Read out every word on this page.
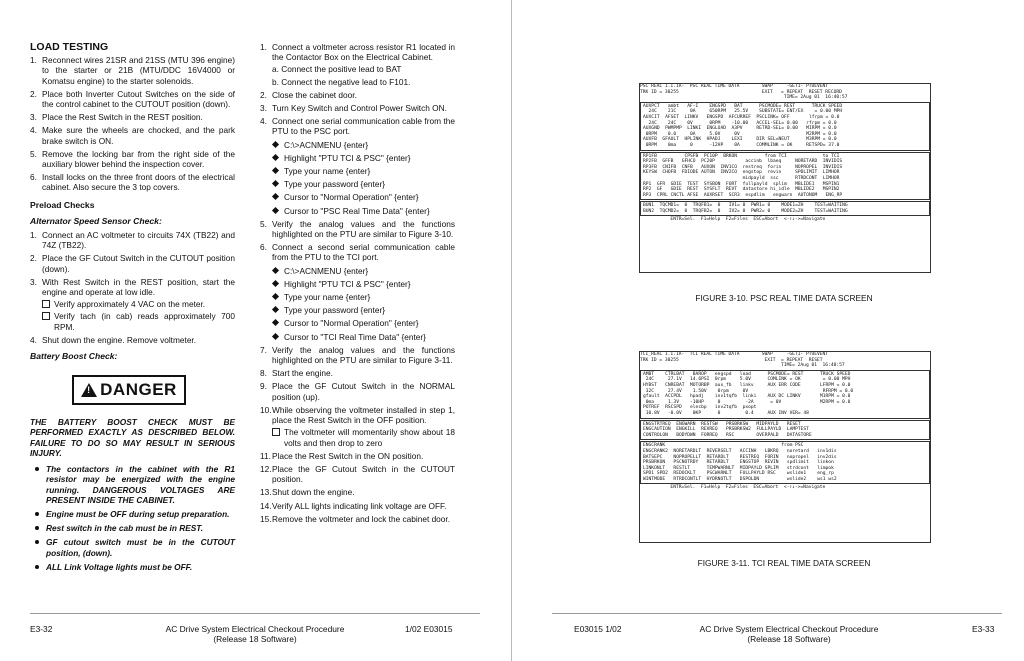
LOAD TESTING
1. Reconnect wires 21SR and 21SS (MTU 396 engine) to the starter or 21B (MTU/DDC 16V4000 or Komatsu engine) to the starter solenoids.
2. Place both Inverter Cutout Switches on the side of the control cabinet to the CUTOUT position (down).
3. Place the Rest Switch in the REST position.
4. Make sure the wheels are chocked, and the park brake switch is ON.
5. Remove the locking bar from the right side of the auxiliary blower behind the inspection cover.
6. Install locks on the three front doors of the electrical cabinet. Also secure the 3 top covers.
Preload Checks
Alternator Speed Sensor Check:
1. Connect an AC voltmeter to circuits 74X (TB22) and 74Z (TB22).
2. Place the GF Cutout Switch in the CUTOUT position (down).
3. With Rest Switch in the REST position, start the engine and operate at low idle.
Verify approximately 4 VAC on the meter.
Verify tach (in cab) reads approximately 700 RPM.
4. Shut down the engine. Remove voltmeter.
Battery Boost Check:
!
DANGER

THE BATTERY BOOST CHECK MUST BE PERFORMED EXACTLY AS DESCRIBED BELOW. FAILURE TO DO SO MAY RESULT IN SERIOUS INJURY.

The contactors in the cabinet with the R1 resistor may be energized with the engine running. DANGEROUS VOLTAGES ARE PRESENT INSIDE THE CABINET.
Engine must be OFF during setup preparation.
Rest switch in the cab must be in REST.
GF cutout switch must be in the CUTOUT position, (down).
ALL Link Voltage lights must be OFF.
1. Connect a voltmeter across resistor R1 located in the Contactor Box on the Electrical Cabinet.
a. Connect the positive lead to BAT
b. Connect the negative lead to F101.
2. Close the cabinet door.
3. Turn Key Switch and Control Power Switch ON.
4. Connect one serial communication cable from the PTU to the PSC port.
C:\>ACNMENU {enter}
Highlight "PTU TCI & PSC" {enter}
Type your name {enter}
Type your password {enter}
Cursor to "Normal Operation" {enter}
Cursor to "PSC Real Time Data" {enter}
5. Verify the analog values and the functions highlighted on the PTU are similar to Figure 3-10.
6. Connect a second serial communication cable from the PTU to the TCI port.
C:\>ACNMENU {enter}
Highlight "PTU TCI & PSC" {enter}
Type your name {enter}
Type your password {enter}
Cursor to "Normal Operation" {enter}
Cursor to "TCI Real Time Data" {enter}
7. Verify the analog values and the functions highlighted on the PTU are similar to Figure 3-11.
8. Start the engine.
9. Place the GF Cutout Switch in the NORMAL position (up).
10. While observing the voltmeter installed in step 1, place the Rest Switch in the OFF position.
The voltmeter will momentarily show about 18 volts and then drop to zero
11. Place the Rest Switch in the ON position.
12. Place the GF Cutout Switch in the CUTOUT position.
13. Shut down the engine.
14. Verify ALL lights indicating link voltage are OFF.
15. Remove the voltmeter and lock the cabinet door.
E3-32	AC Drive System Electrical Checkout Procedure
(Release 18 Software)
1/02 E03015
PSC REAL 1.1.1A-  PSC REAL TIME DATA        SWAP     -GET1- PTUEVENT
TRK ID = 30255                              EXIT   = REPEAT  RESET RECORD
TIME= 2Aug 01  16:40:57
AUXPCT   ambt   AF-I    ENGSPD   BAT      PSCMODE= REST      TRUCK SPEED
24C    21C     0A     650RPM   25.5V    SUBSTATE= ENT/EX    = 0.00 MPH
AUXCIT  AFSET  LINKV   ENGSPD  AFCURREF  PSCLINK= OFF       lfrpm = 0.0
24C    24C    0V      0RPM    -10.00   ACCEL-SEL= 0.00   rfrpm = 0.0
AUXGND  PWMPMP  LINKI  ENGLOAD  A3PV     RETRD-SEL= 0.00   MIRPM = 0.0
0RPM    0.0     0A     5.0V     0V                        M2RPM = 0.0
AUXFB  GFAULT  HPLINK  HPADJ    LEXI     DIR SEL=NEUT      M3RPM = 0.0
0RPM    0ma     0      -12HP    0A      COMMLINK = OK     RETSPD= 37.0
RP1FB          CPSFB  PC10P  BRKON          from TCI             to TCI
RP2FB  GFFB   GFHCO  PC20P           accinb  lbaeq     NORETARD  INVIDIS
RP3FB  CNIFB  CNFB   AUXON  INV1CO  restreq  forin     NOPROPEL  INVIDIS
KEYSW  CHOFB  FDIODE AUTON  INV2CO  engstop  revin     SPDLIMIT  LIMHOR
midpayld  ssc      RTRDCONT  LIMHOR
RP1  GFR  GDIE  TEST  SYSBON  FORT  fullpayld  splim   MBLIDE1   MSPIN1
RP2  GF   GDIE  REST  SYSFLT  REVT  datastore hi_idle  MBLIDE2   MSPIN2
RP3  CPRL CNCTL AFSE  AUXRSET  SCR3  espdlim   engwarn  AUTONOM   ENG_RP
BUN1  TQCMD1=  0  TRQFB1=  0   IV1= 0  PWR1= 0    MODE1=ZH    TEST=WAITING
BUN2  TQCMD2=  0  TRQFB2=  0   IV2= 0  PWR2= 0    MODE2=ZH    TEST=WAITING
ENTR=Sel.  F1=Help  F2=Files  ESC=Abort  <-↑↓->=Navigate
FIGURE 3-10. PSC REAL TIME DATA SCREEN
TCI_REAL 1.1.1A-  TCI REAL TIME DATA        SWAP     -GET1- PTUEVENT
TRK ID = 30255                               EXIT  = REPEAT  RESET
TIME= 2Aug 01  16:40:57
AMBT    CTRLBAT   BAROP   engspd   load      PSCMODE= REST      TRUCK SPEED
24C     27.1V   14.6PSI  0rpm     5.0V      COMLINK = OK        = 0.00 MPH
HYBST   CNREBAT  MOTORBP  aux_fb   linkv     AUX ERR CODE       LFRPM = 0.0
32C     27.4V    1.50V    0rpm     0V                           RFRPM = 0.0
gfault  ACCPDL   hpadj    inv1tqfb  linki    AUX DC LINKV       M1RPM = 0.0
0ma     1.3V    -10HP     0         -2A      = 0V              M2RPM = 0.0
POTREF  RSCSPD   elecbp   inv2tqfb  pxopt
10.8V   -0.0V    0KP      0         0.4     AUX INV VER= 48
ENGSTRTREQ  ENGWARN  RESTSW   PRSBRKSW   MIDPAYLD   RESET
ENGCAUTION  ENGKILL  REVREQ   PRSBRKSW2  FULLPAYLD  LAMPTEST
CONTROLON   BODYDWN  FORREQ   RSC        OVERPALD   DATASTORE
ENGCRANK                                          from PSC
ENGCRANK2  NORETARDLT  REVERSELT   ACCINH   LBKRQ   noretard   inv1dis
BATSEPC    NOPROPELLT  RETARDLT    RESTREQ  FORIN   nopropel   inv2dis
PRSBRKON   PSCNOTRDY   RETARDLT    ENGSTOP  REVIN   spdlimit   linkon
LINKONLT   RESTLT      TEMPWARNLT  MIDPAYLD SPLIM   strdcont   limpok
SPD1 SPD2  REDOCKLT    PSCWARNLT   FULLPAYLD RSC    wslide1    eng_rp
WINTMODE   RTRDCONTLT  HYDRNOTLT   DSPOLDN          wslide2    ws1 ws2
ENTR=Sel.  F1=Help  F2=Files  ESC=Abort  <-↑↓->=Navigate
FIGURE 3-11. TCI REAL TIME DATA SCREEN
E03015 1/02	AC Drive System Electrical Checkout Procedure
(Release 18 Software)
E3-33
